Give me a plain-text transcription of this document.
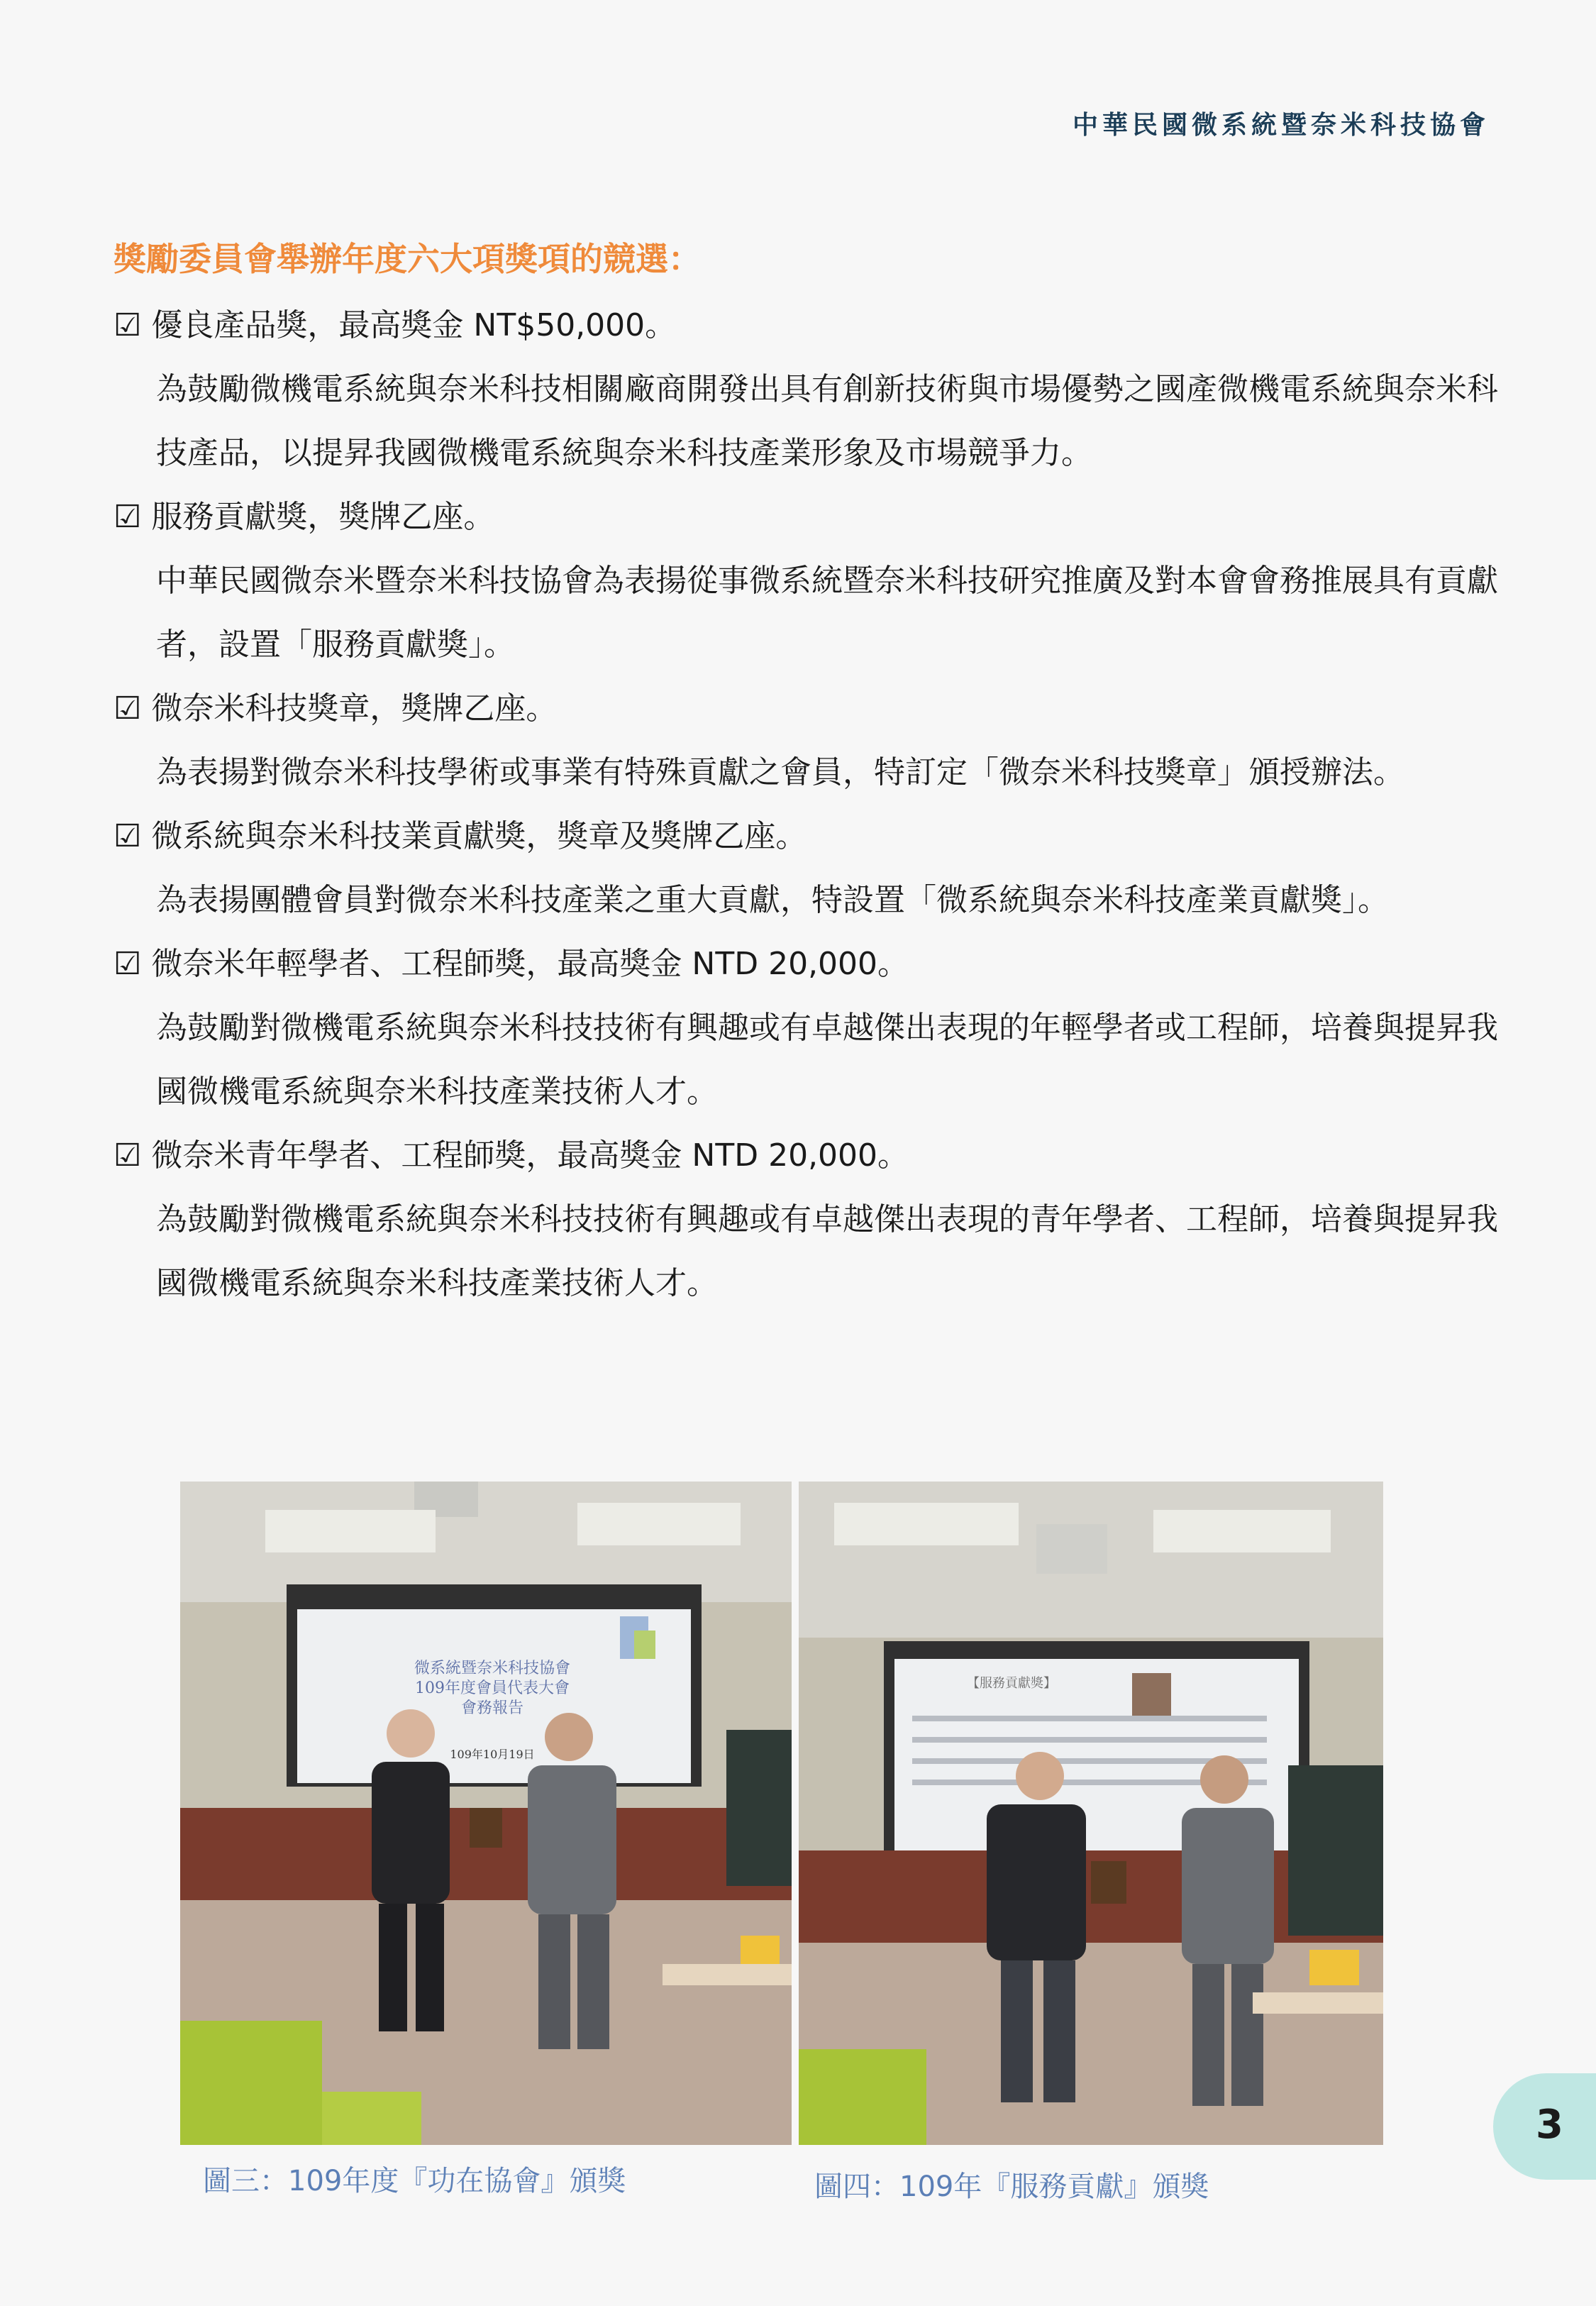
中華民國微系統暨奈米科技協會
獎勵委員會舉辦年度六大項獎項的競選：
☑ 優良產品獎，最高獎金 NT$50,000。
為鼓勵微機電系統與奈米科技相關廠商開發出具有創新技術與市場優勢之國產微機電系統與奈米科技產品，以提昇我國微機電系統與奈米科技產業形象及市場競爭力。
☑ 服務貢獻獎，獎牌乙座。
中華民國微奈米暨奈米科技協會為表揚從事微系統暨奈米科技研究推廣及對本會會務推展具有貢獻者，設置「服務貢獻獎」。
☑ 微奈米科技獎章，獎牌乙座。
為表揚對微奈米科技學術或事業有特殊貢獻之會員，特訂定「微奈米科技獎章」頒授辦法。
☑ 微系統與奈米科技業貢獻獎，獎章及獎牌乙座。
為表揚團體會員對微奈米科技產業之重大貢獻，特設置「微系統與奈米科技產業貢獻獎」。
☑ 微奈米年輕學者、工程師獎，最高獎金 NTD 20,000。
為鼓勵對微機電系統與奈米科技技術有興趣或有卓越傑出表現的年輕學者或工程師，培養與提昇我國微機電系統與奈米科技產業技術人才。
☑ 微奈米青年學者、工程師獎，最高獎金 NTD 20,000。
為鼓勵對微機電系統與奈米科技技術有興趣或有卓越傑出表現的青年學者、工程師，培養與提昇我國微機電系統與奈米科技產業技術人才。
微系統暨奈米科技協會
109年度會員代表大會
會務報告
109年10月19日
【服務貢獻獎】
圖三：109年度『功在協會』頒獎	圖四：109年『服務貢獻』頒獎
3
